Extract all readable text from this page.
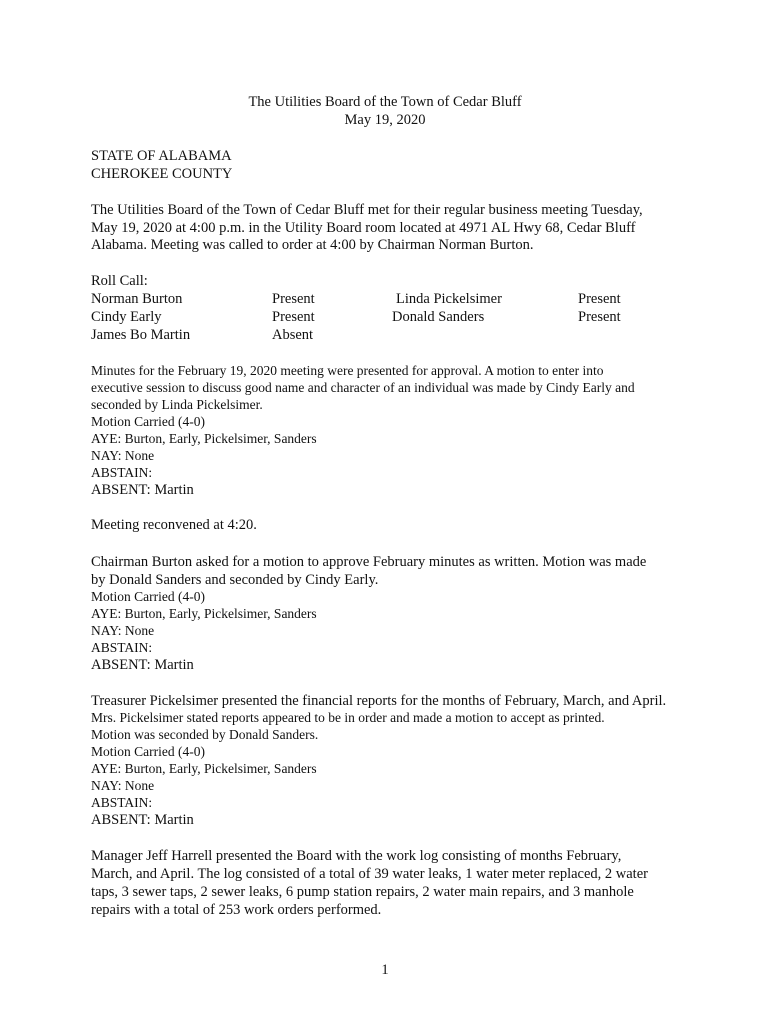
The Utilities Board of the Town of Cedar Bluff
May 19, 2020
STATE OF ALABAMA
CHEROKEE COUNTY
The Utilities Board of the Town of Cedar Bluff met for their regular business meeting Tuesday,
May 19, 2020 at 4:00 p.m. in the Utility Board room located at 4971 AL Hwy 68, Cedar Bluff
Alabama. Meeting was called to order at 4:00 by Chairman Norman Burton.
Roll Call:
Norman Burton	Present	Linda Pickelsimer	Present
Cindy Early	Present	Donald Sanders	Present
James Bo Martin	Absent
Minutes for the February 19, 2020 meeting were presented for approval. A motion to enter into
executive session to discuss good name and character of an individual was made by Cindy Early and
seconded by Linda Pickelsimer.
Motion Carried (4-0)
AYE: Burton, Early, Pickelsimer, Sanders
NAY: None
ABSTAIN:
ABSENT: Martin
Meeting reconvened at 4:20.
Chairman Burton asked for a motion to approve February minutes as written. Motion was made
by Donald Sanders and seconded by Cindy Early.
Motion Carried (4-0)
AYE: Burton, Early, Pickelsimer, Sanders
NAY: None
ABSTAIN:
ABSENT: Martin
Treasurer Pickelsimer presented the financial reports for the months of February, March, and April.
Mrs. Pickelsimer stated reports appeared to be in order and made a motion to accept as printed.
Motion was seconded by Donald Sanders.
Motion Carried (4-0)
AYE: Burton, Early, Pickelsimer, Sanders
NAY: None
ABSTAIN:
ABSENT: Martin
Manager Jeff Harrell presented the Board with the work log consisting of months February,
March, and April. The log consisted of a total of 39 water leaks, 1 water meter replaced, 2 water
taps, 3 sewer taps, 2 sewer leaks, 6 pump station repairs, 2 water main repairs, and 3 manhole
repairs with a total of 253 work orders performed.
1
